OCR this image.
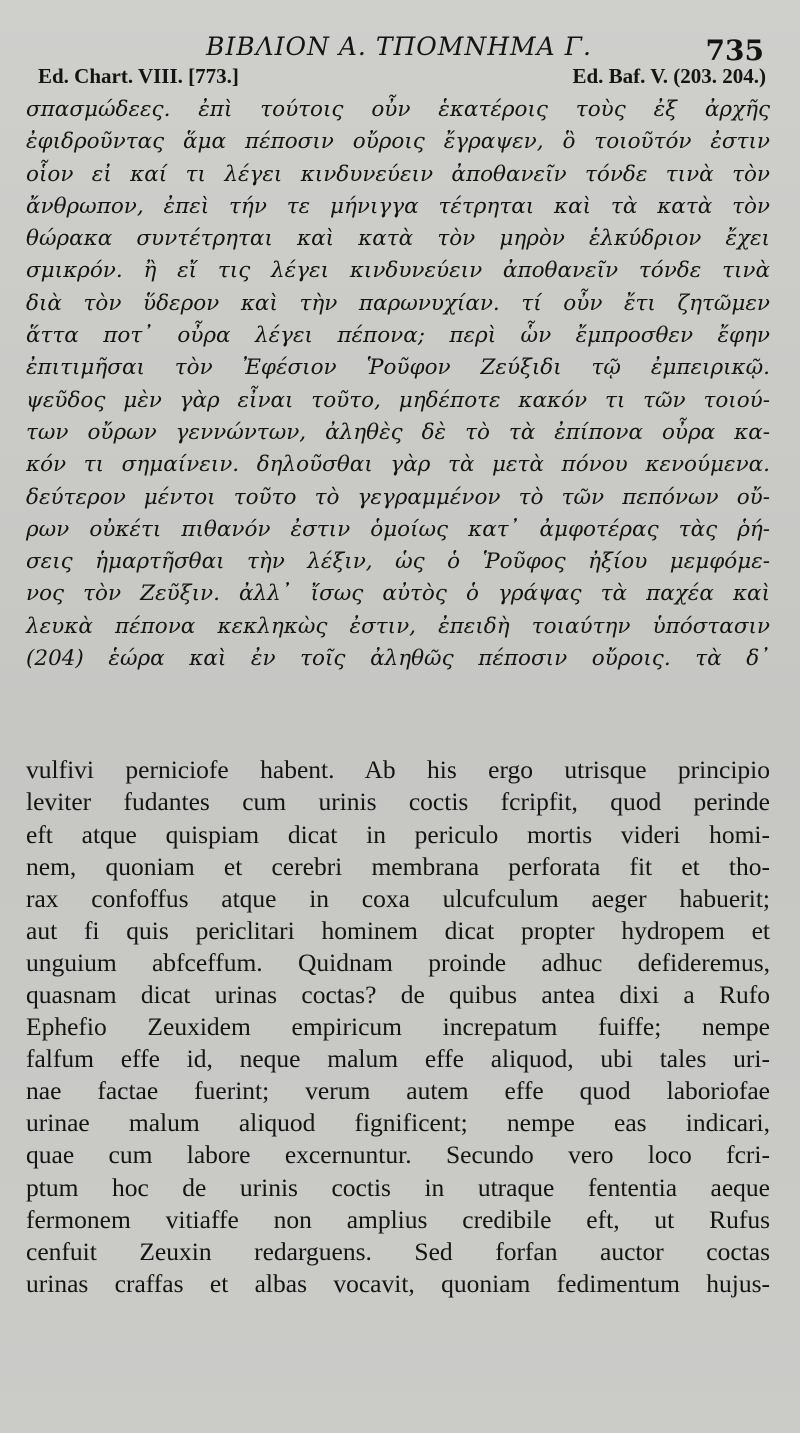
ΒΙΒΛΙΟΝ Α. ΤΠΟΜΝΗΜΑ Γ.	735
Ed. Chart. VIII. [773.]	Ed. Baf. V. (203. 204.)
σπασμώδεες. ἐπὶ τούτοις οὖν ἑκατέροις τοὺς ἐξ ἀρχῆς
ἐφιδροῦντας ἅμα πέποσιν οὔροις ἔγραψεν, ὃ τοιοῦτόν ἐστιν
οἷον εἰ καί τι λέγει κινδυνεύειν ἀποθανεῖν τόνδε τινὰ τὸν
ἄνθρωπον, ἐπεὶ τήν τε μήνιγγα τέτρηται καὶ τὰ κατὰ τὸν
θώρακα συντέτρηται καὶ κατὰ τὸν μηρὸν ἑλκύδριον ἔχει
σμικρόν. ἢ εἴ τις λέγει κινδυνεύειν ἀποθανεῖν τόνδε τινὰ
διὰ τὸν ὕδερον καὶ τὴν παρωνυχίαν. τί οὖν ἔτι ζητῶμεν
ἅττα ποτ᾽ οὖρα λέγει πέπονα; περὶ ὧν ἔμπροσθεν ἔφην
ἐπιτιμῆσαι τὸν Ἐφέσιον Ῥοῦφον Ζεύξιδι τῷ ἐμπειρικῷ.
ψεῦδος μὲν γὰρ εἶναι τοῦτο, μηδέποτε κακόν τι τῶν τοιού-
των οὔρων γεννώντων, ἀληθὲς δὲ τὸ τὰ ἐπίπονα οὖρα κα-
κόν τι σημαίνειν. δηλοῦσθαι γὰρ τὰ μετὰ πόνου κενούμενα.
δεύτερον μέντοι τοῦτο τὸ γεγραμμένον τὸ τῶν πεπόνων οὔ-
ρων οὐκέτι πιθανόν ἐστιν ὁμοίως κατ᾽ ἀμφοτέρας τὰς ῥή-
σεις ἡμαρτῆσθαι τὴν λέξιν, ὡς ὁ Ῥοῦφος ἠξίου μεμφόμε-
νος τὸν Ζεῦξιν. ἀλλ᾽ ἴσως αὐτὸς ὁ γράψας τὰ παχέα καὶ
λευκὰ πέπονα κεκληκὼς ἐστιν, ἐπειδὴ τοιαύτην ὑπόστασιν
(204) ἑώρα καὶ ἐν τοῖς ἀληθῶς πέποσιν οὔροις. τὰ δ᾽
vulfivi perniciofe habent. Ab his ergo utrisque principio
leviter fudantes cum urinis coctis fcripfit, quod perinde
eft atque quispiam dicat in periculo mortis videri homi-
nem, quoniam et cerebri membrana perforata fit et tho-
rax confoffus atque in coxa ulcufculum aeger habuerit;
aut fi quis periclitari hominem dicat propter hydropem et
unguium abfceffum. Quidnam proinde adhuc defideremus,
quasnam dicat urinas coctas? de quibus antea dixi a Rufo
Ephefio Zeuxidem empiricum increpatum fuiffe; nempe
falfum effe id, neque malum effe aliquod, ubi tales uri-
nae factae fuerint; verum autem effe quod laboriofae
urinae malum aliquod fignificent; nempe eas indicari,
quae cum labore excernuntur. Secundo vero loco fcri-
ptum hoc de urinis coctis in utraque fententia aeque
fermonem vitiaffe non amplius credibile eft, ut Rufus
cenfuit Zeuxin redarguens. Sed forfan auctor coctas
urinas craffas et albas vocavit, quoniam fedimentum hujus-
